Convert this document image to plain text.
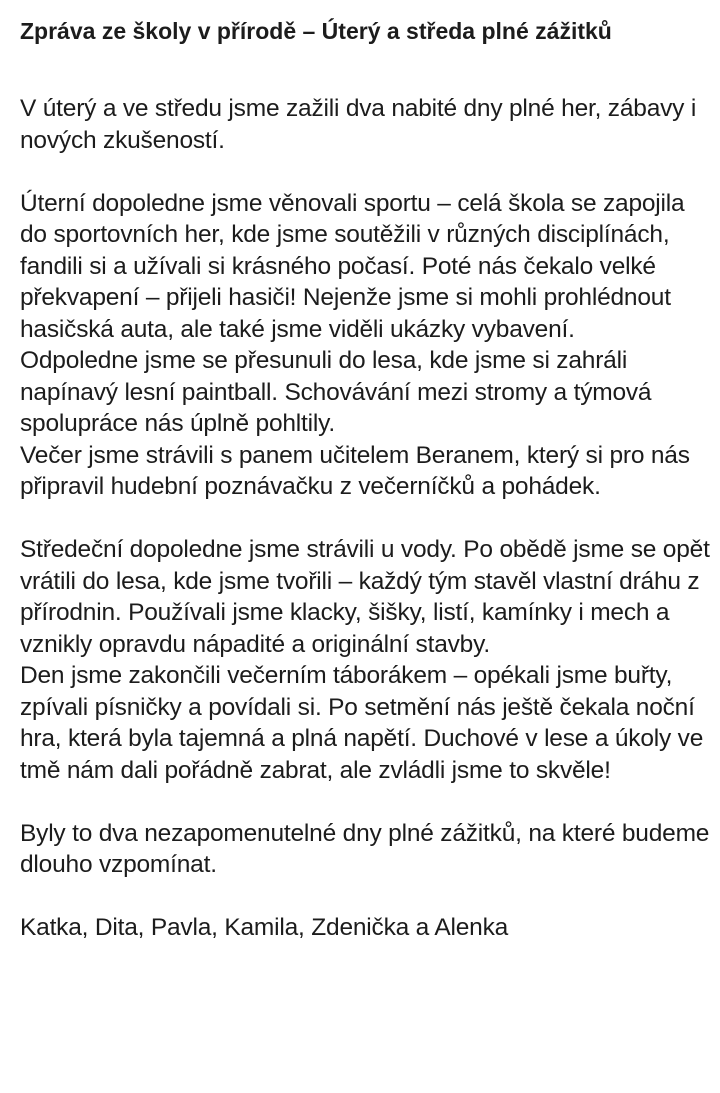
Zpráva ze školy v přírodě – Úterý a středa plné zážitků

V úterý a ve středu jsme zažili dva nabité dny plné her, zábavy i nových zkušeností.

Úterní dopoledne jsme věnovali sportu – celá škola se zapojila do sportovních her, kde jsme soutěžili v různých disciplínách, fandili si a užívali si krásného počasí. Poté nás čekalo velké překvapení – přijeli hasiči! Nejenže jsme si mohli prohlédnout hasičská auta, ale také jsme viděli ukázky vybavení.

Odpoledne jsme se přesunuli do lesa, kde jsme si zahráli napínavý lesní paintball. Schovávání mezi stromy a týmová spolupráce nás úplně pohltily.

Večer jsme strávili s panem učitelem Beranem, který si pro nás připravil hudební poznávačku z večerníčků a pohádek.

Středeční dopoledne jsme strávili u vody. Po obědě jsme se opět vrátili do lesa, kde jsme tvořili – každý tým stavěl vlastní dráhu z přírodnin. Používali jsme klacky, šišky, listí, kamínky i mech a vznikly opravdu nápadité a originální stavby.

Den jsme zakončili večerním táborákem – opékali jsme buřty, zpívali písničky a povídali si. Po setmění nás ještě čekala noční hra, která byla tajemná a plná napětí. Duchové v lese a úkoly ve tmě nám dali pořádně zabrat, ale zvládli jsme to skvěle!

Byly to dva nezapomenutelné dny plné zážitků, na které budeme dlouho vzpomínat.

Katka, Dita, Pavla, Kamila, Zdenička a Alenka
